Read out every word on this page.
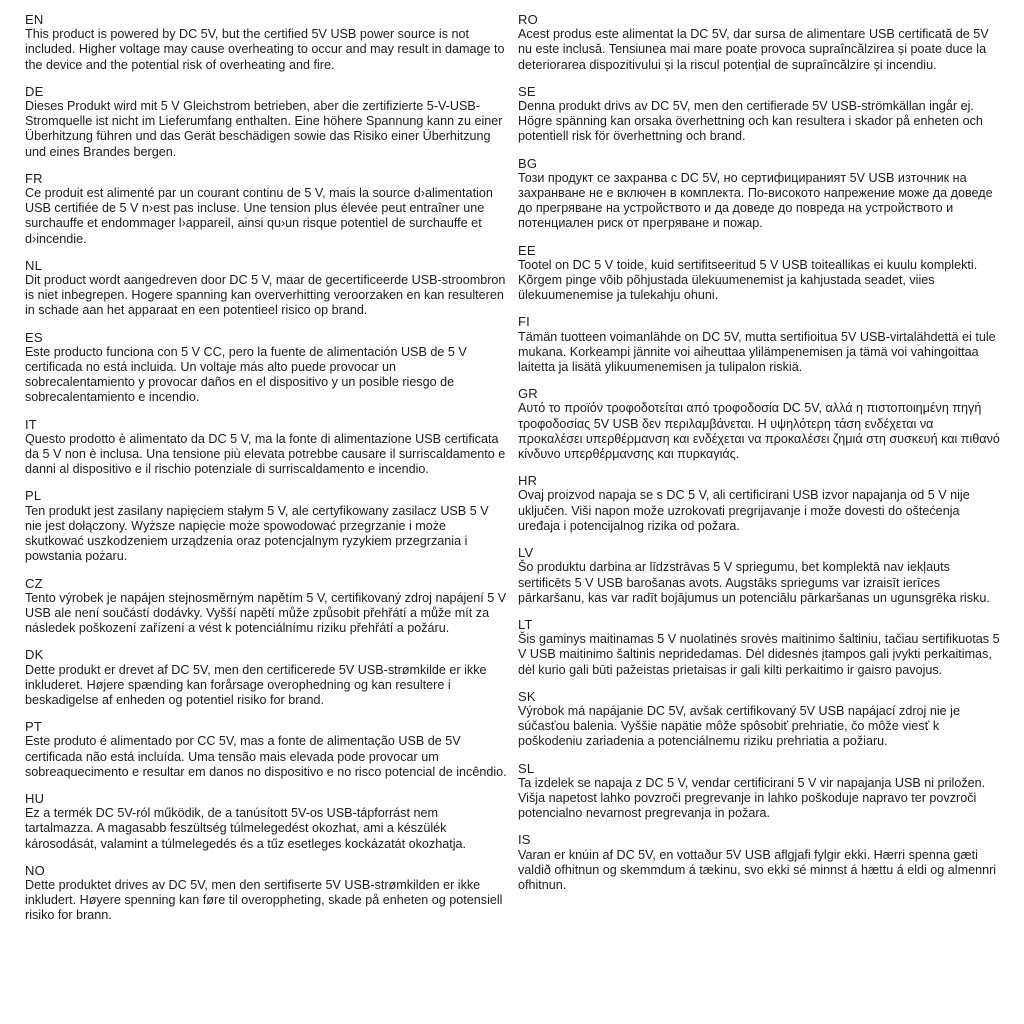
EN

This product is powered by DC 5V, but the certified 5V USB power source is not included. Higher voltage may cause overheating to occur and may result in damage to the device and the potential risk of overheating and fire.

DE

Dieses Produkt wird mit 5 V Gleichstrom betrieben, aber die zertifizierte 5-V-USB-Stromquelle ist nicht im Lieferumfang enthalten. Eine höhere Spannung kann zu einer Überhitzung führen und das Gerät beschädigen sowie das Risiko einer Überhitzung und eines Brandes bergen.

FR

Ce produit est alimenté par un courant continu de 5 V, mais la source d›alimentation USB certifiée de 5 V n›est pas incluse. Une tension plus élevée peut entraîner une surchauffe et endommager l›appareil, ainsi qu›un risque potentiel de surchauffe et d›incendie.

NL

Dit product wordt aangedreven door DC 5 V, maar de gecertificeerde USB-stroombron is niet inbegrepen. Hogere spanning kan oververhitting veroorzaken en kan resulteren in schade aan het apparaat en een potentieel risico op brand.

ES

Este producto funciona con 5 V CC, pero la fuente de alimentación USB de 5 V certificada no está incluida. Un voltaje más alto puede provocar un sobrecalentamiento y provocar daños en el dispositivo y un posible riesgo de sobrecalentamiento e incendio.

IT

Questo prodotto è alimentato da DC 5 V, ma la fonte di alimentazione USB certificata da 5 V non è inclusa. Una tensione più elevata potrebbe causare il surriscaldamento e danni al dispositivo e il rischio potenziale di surriscaldamento e incendio.

PL

Ten produkt jest zasilany napięciem stałym 5 V, ale certyfikowany zasilacz USB 5 V nie jest dołączony. Wyższe napięcie może spowodować przegrzanie i może skutkować uszkodzeniem urządzenia oraz potencjalnym ryzykiem przegrzania i powstania pożaru.

CZ

Tento výrobek je napájen stejnosměrným napětím 5 V, certifikovaný zdroj napájení 5 V USB ale není součástí dodávky. Vyšší napětí může způsobit přehřátí a může mít za následek poškození zařízení a vést k potenciálnímu riziku přehřátí a požáru.

DK

Dette produkt er drevet af DC 5V, men den certificerede 5V USB-strømkilde er ikke inkluderet. Højere spænding kan forårsage overophedning og kan resultere i beskadigelse af enheden og potentiel risiko for brand.

PT

Este produto é alimentado por CC 5V, mas a fonte de alimentação USB de 5V certificada não está incluída. Uma tensão mais elevada pode provocar um sobreaquecimento e resultar em danos no dispositivo e no risco potencial de incêndio.

HU

Ez a termék DC 5V-ról működik, de a tanúsított 5V-os USB-tápforrást nem tartalmazza. A magasabb feszültség túlmelegedést okozhat, ami a készülék károsodását, valamint a túlmelegedés és a tűz esetleges kockázatát okozhatja.

NO

Dette produktet drives av DC 5V, men den sertifiserte 5V USB-strømkilden er ikke inkludert. Høyere spenning kan føre til overoppheting, skade på enheten og potensiell risiko for brann.

RO

Acest produs este alimentat la DC 5V, dar sursa de alimentare USB certificată de 5V nu este inclusă. Tensiunea mai mare poate provoca supraîncălzirea și poate duce la deteriorarea dispozitivului și la riscul potențial de supraîncălzire și incendiu.

SE

Denna produkt drivs av DC 5V, men den certifierade 5V USB-strömkällan ingår ej. Högre spänning kan orsaka överhettning och kan resultera i skador på enheten och potentiell risk för överhettning och brand.

BG

Този продукт се захранва с DC 5V, но сертифицираният 5V USB източник на захранване не е включен в комплекта. По-високото напрежение може да доведе до прегряване на устройството и да доведе до повреда на устройството и потенциален риск от прегряване и пожар.

EE

Tootel on DC 5 V toide, kuid sertifitseeritud 5 V USB toiteallikas ei kuulu komplekti. Kõrgem pinge võib põhjustada ülekuumenemist ja kahjustada seadet, viies ülekuumenemise ja tulekahju ohuni.

FI

Tämän tuotteen voimanlähde on DC 5V, mutta sertifioitua 5V USB-virtalähdettä ei tule mukana. Korkeampi jännite voi aiheuttaa ylilämpenemisen ja tämä voi vahingoittaa laitetta ja lisätä ylikuumenemisen ja tulipalon riskiä.

GR

Αυτό το προϊόν τροφοδοτείται από τροφοδοσία DC 5V, αλλά η πιστοποιημένη πηγή τροφοδοσίας 5V USB δεν περιλαμβάνεται. Η υψηλότερη τάση ενδέχεται να προκαλέσει υπερθέρμανση και ενδέχεται να προκαλέσει ζημιά στη συσκευή και πιθανό κίνδυνο υπερθέρμανσης και πυρκαγιάς.

HR

Ovaj proizvod napaja se s DC 5 V, ali certificirani USB izvor napajanja od 5 V nije uključen. Viši napon može uzrokovati pregrijavanje i može dovesti do oštećenja uređaja i potencijalnog rizika od požara.

LV

Šo produktu darbina ar līdzstrāvas 5 V spriegumu, bet komplektā nav iekļauts sertificēts 5 V USB barošanas avots. Augstāks spriegums var izraisīt ierīces pārkaršanu, kas var radīt bojājumus un potenciālu pārkaršanas un ugunsgrēka risku.

LT

Šis gaminys maitinamas 5 V nuolatinės srovės maitinimo šaltiniu, tačiau sertifikuotas 5 V USB maitinimo šaltinis nepridedamas. Dėl didesnės įtampos gali įvykti perkaitimas, dėl kurio gali būti pažeistas prietaisas ir gali kilti perkaitimo ir gaisro pavojus.

SK

Výrobok má napájanie DC 5V, avšak certifikovaný 5V USB napájací zdroj nie je súčasťou balenia. Vyššie napätie môže spôsobiť prehriatie, čo môže viesť k poškodeniu zariadenia a potenciálnemu riziku prehriatia a požiaru.

SL

Ta izdelek se napaja z DC 5 V, vendar certificirani 5 V vir napajanja USB ni priložen. Višja napetost lahko povzroči pregrevanje in lahko poškoduje napravo ter povzroči potencialno nevarnost pregrevanja in požara.

IS

Varan er knúin af DC 5V, en vottaður 5V USB aflgjafi fylgir ekki. Hærri spenna gæti valdið ofhitnun og skemmdum á tækinu, svo ekki sé minnst á hættu á eldi og almennri ofhitnun.
